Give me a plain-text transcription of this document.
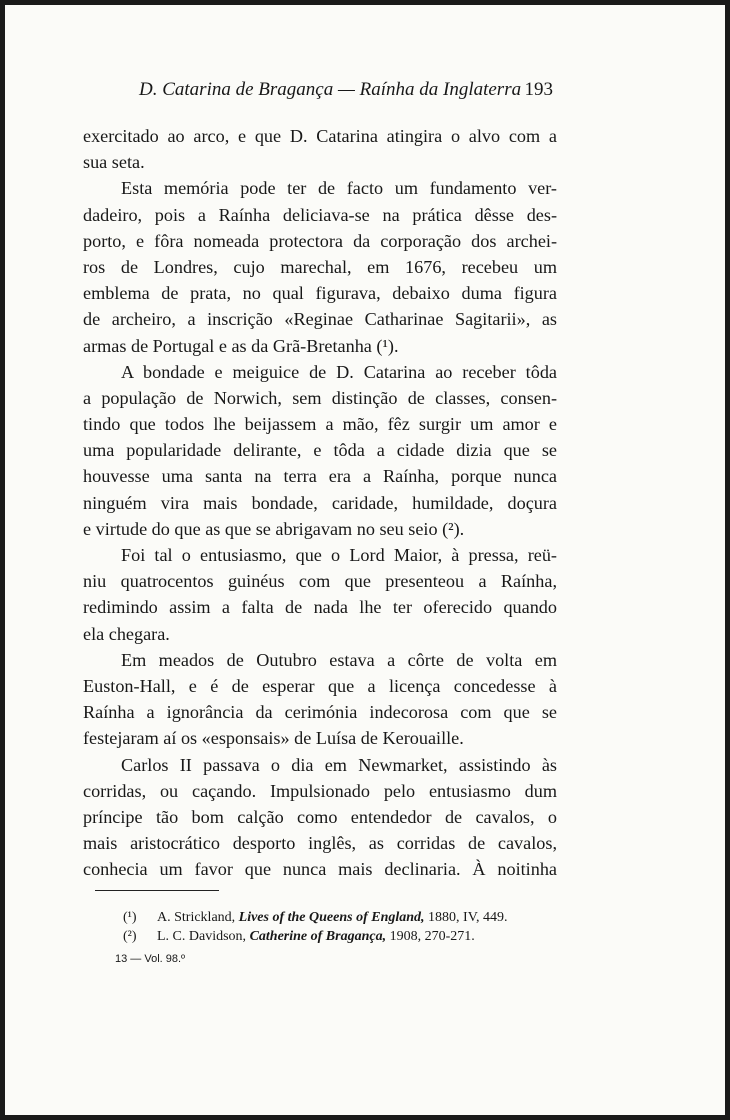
D. Catarina de Bragança — Raínha da Inglaterra 193
exercitado ao arco, e que D. Catarina atingira o alvo com a
sua seta.
Esta memória pode ter de facto um fundamento ver-
dadeiro, pois a Raínha deliciava-se na prática dêsse des-
porto, e fôra nomeada protectora da corporação dos archei-
ros de Londres, cujo marechal, em 1676, recebeu um
emblema de prata, no qual figurava, debaixo duma figura
de archeiro, a inscrição «Reginae Catharinae Sagitarii», as
armas de Portugal e as da Grã-Bretanha (¹).
A bondade e meiguice de D. Catarina ao receber tôda
a população de Norwich, sem distinção de classes, consen-
tindo que todos lhe beijassem a mão, fêz surgir um amor e
uma popularidade delirante, e tôda a cidade dizia que se
houvesse uma santa na terra era a Raínha, porque nunca
ninguém vira mais bondade, caridade, humildade, doçura
e virtude do que as que se abrigavam no seu seio (²).
Foi tal o entusiasmo, que o Lord Maior, à pressa, reü-
niu quatrocentos guinéus com que presenteou a Raínha,
redimindo assim a falta de nada lhe ter oferecido quando
ela chegara.
Em meados de Outubro estava a côrte de volta em
Euston-Hall, e é de esperar que a licença concedesse à
Raínha a ignorância da cerimónia indecorosa com que se
festejaram aí os «esponsais» de Luísa de Kerouaille.
Carlos II passava o dia em Newmarket, assistindo às
corridas, ou caçando. Impulsionado pelo entusiasmo dum
príncipe tão bom calção como entendedor de cavalos, o
mais aristocrático desporto inglês, as corridas de cavalos,
conhecia um favor que nunca mais declinaria. À noitinha
(¹) A. Strickland, Lives of the Queens of England, 1880, IV, 449.
(²) L. C. Davidson, Catherine of Bragança, 1908, 270-271.
13 — Vol. 98.º
